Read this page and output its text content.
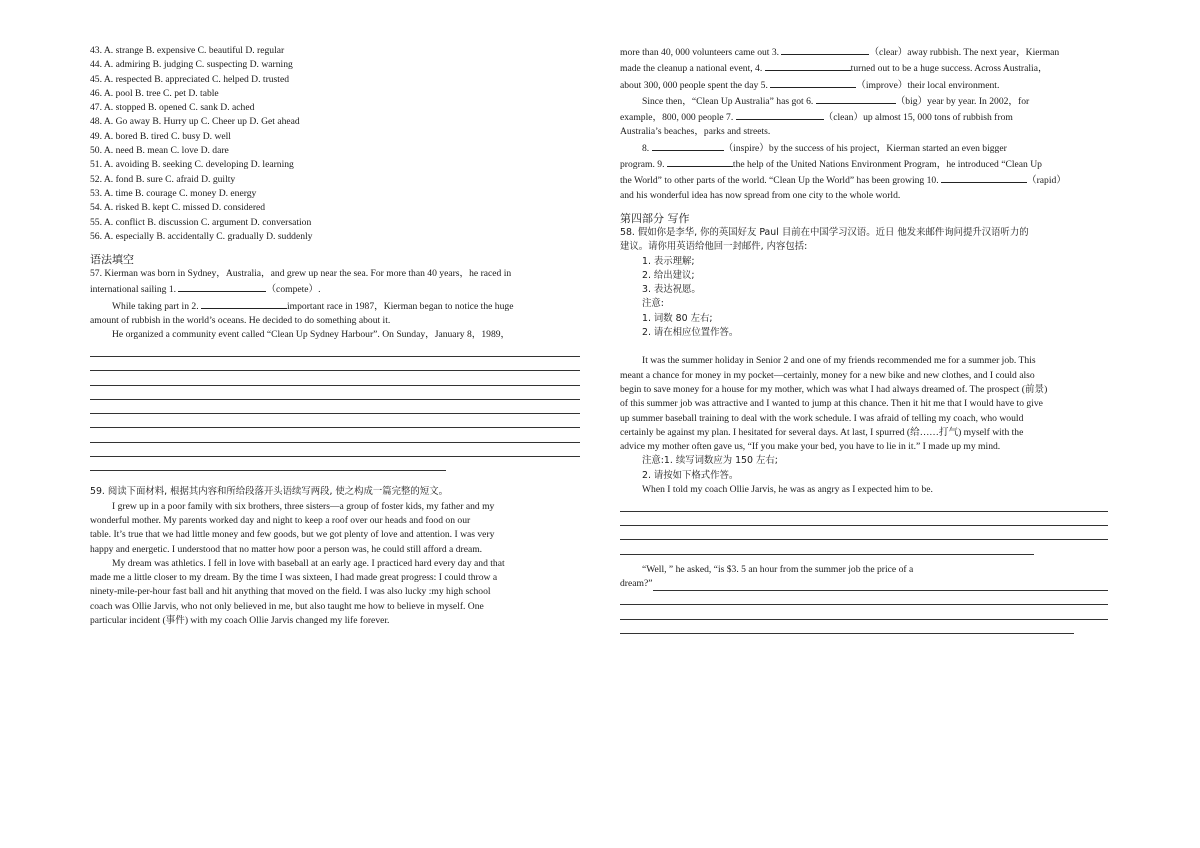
43. A. strange B. expensive C. beautiful D. regular
44. A. admiring B. judging C. suspecting D. warning
45. A. respected B. appreciated C. helped D. trusted
46. A. pool B. tree C. pet D. table
47. A. stopped B. opened C. sank D. ached
48. A. Go away B. Hurry up C. Cheer up D. Get ahead
49. A. bored B. tired C. busy D. well
50. A. need B. mean C. love D. dare
51. A. avoiding B. seeking C. developing D. learning
52. A. fond B. sure C. afraid D. guilty
53. A. time B. courage C. money D. energy
54. A. risked B. kept C. missed D. considered
55. A. conflict B. discussion C. argument D. conversation
56. A. especially B. accidentally C. gradually D. suddenly
语法填空
57. Kierman was born in Sydney，Australia，and grew up near the sea. For more than 40 years，he raced in
international sailing 1.	（compete）.
While taking part in 2.	important race in 1987，Kierman began to notice the huge
amount of rubbish in the world’s oceans. He decided to do something about it.
He organized a community event called “Clean Up Sydney Harbour”. On Sunday，January 8，1989，
59. 阅读下面材料, 根据其内容和所给段落开头语续写两段, 使之构成一篇完整的短文。
I grew up in a poor family with six brothers, three sisters—a group of foster kids, my father and my
wonderful mother. My parents worked day and night to keep a roof over our heads and food on our
table. It’s true that we had little money and few goods, but we got plenty of love and attention. I was very
happy and energetic. I understood that no matter how poor a person was, he could still afford a dream.
My dream was athletics. I fell in love with baseball at an early age. I practiced hard every day and that
made me a little closer to my dream. By the time I was sixteen, I had made great progress: I could throw a
ninety-mile-per-hour fast ball and hit anything that moved on the field. I was also lucky :my high school
coach was Ollie Jarvis, who not only believed in me, but also taught me how to believe in myself. One
particular incident (事件) with my coach Ollie Jarvis changed my life forever.
more than 40, 000 volunteers came out 3.	（clear）away rubbish. The next year，Kierman
made the cleanup a national event, 4.	turned out to be a huge success. Across Australia，
about 300, 000 people spent the day 5.	（improve）their local environment.
Since then，“Clean Up Australia” has got 6.	（big）year by year. In 2002，for
example，800, 000 people 7.	（clean）up almost 15, 000 tons of rubbish from
Australia’s beaches，parks and streets.
8.	（inspire）by the success of his project，Kierman started an even bigger
program. 9.	the help of the United Nations Environment Program，he introduced “Clean Up
the World” to other parts of the world. “Clean Up the World” has been growing 10.	（rapid）
and his wonderful idea has now spread from one city to the whole world.
第四部分 写作
58. 假如你是李华, 你的英国好友 Paul 目前在中国学习汉语。近日 他发来邮件询问提升汉语听力的
建议。请你用英语给他回一封邮件, 内容包括:
1. 表示理解;
2. 给出建议;
3. 表达祝愿。
注意:
1. 词数 80 左右;
2. 请在相应位置作答。
It was the summer holiday in Senior 2 and one of my friends recommended me for a summer job. This
meant a chance for money in my pocket—certainly, money for a new bike and new clothes, and I could also
begin to save money for a house for my mother, which was what I had always dreamed of. The prospect (前景)
of this summer job was attractive and I wanted to jump at this chance. Then it hit me that I would have to give
up summer baseball training to deal with the work schedule. I was afraid of telling my coach, who would
certainly be against my plan. I hesitated for several days. At last, I spurred (给……打气) myself with the
advice my mother often gave us, “If you make your bed, you have to lie in it.” I made up my mind.
注意:1. 续写词数应为 150 左右;
2. 请按如下格式作答。
When I told my coach Ollie Jarvis, he was as angry as I expected him to be.
“Well, ” he asked, “is $3. 5 an hour from the summer job the price of a
dream?”
